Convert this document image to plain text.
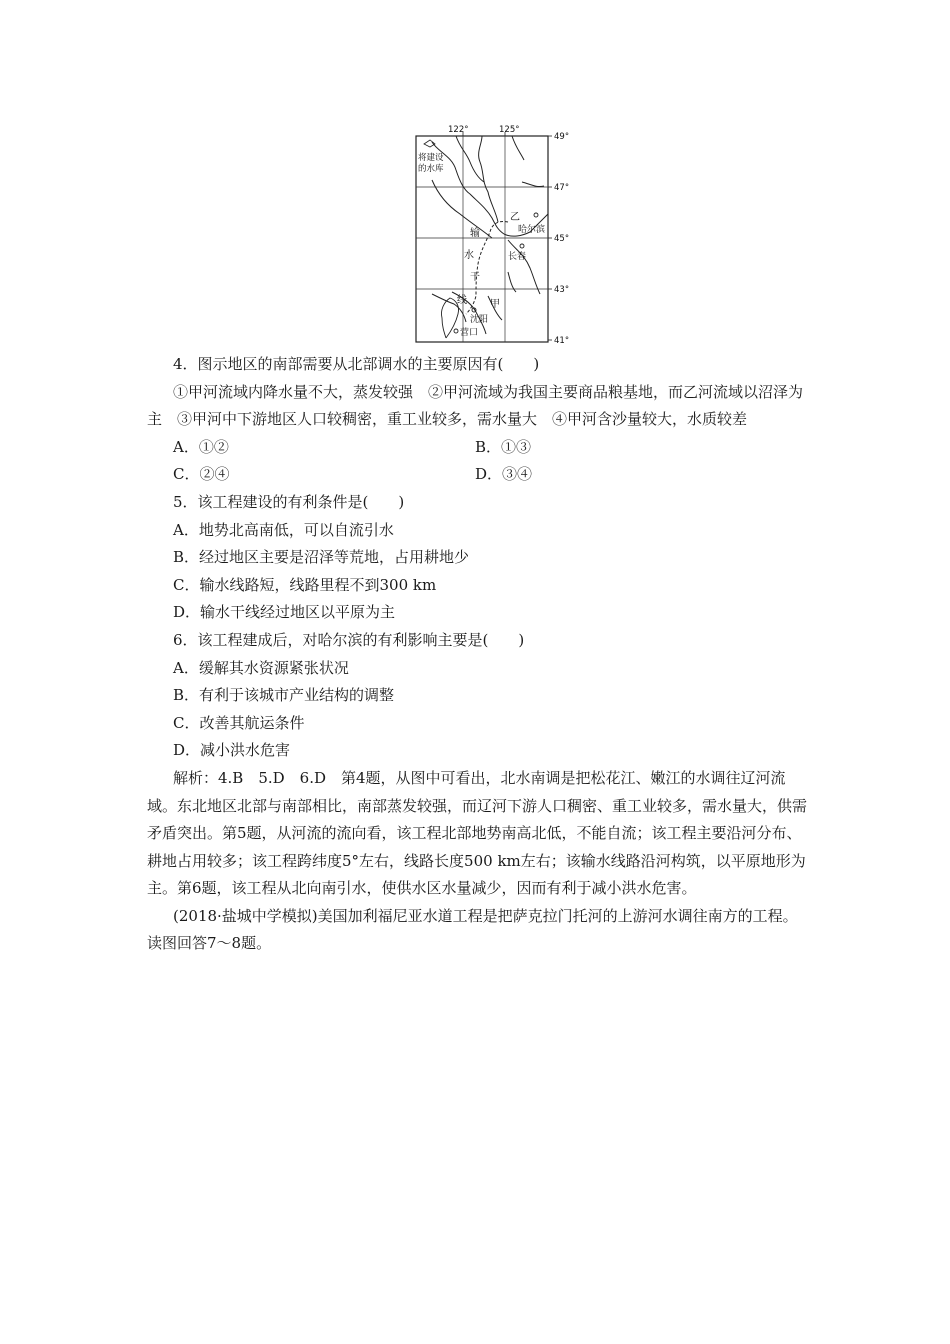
122°	125°
49°
47°
45°
43°
41°
将建设
的水库
输
水
干
线
乙
甲
哈尔滨
长春
沈阳
营口

4．图示地区的南部需要从北部调水的主要原因有(　　)

①甲河流域内降水量不大，蒸发较强　②甲河流域为我国主要商品粮基地，而乙河流域以沼泽为主　③甲河中下游地区人口较稠密，重工业较多，需水量大　④甲河含沙量较大，水质较差

A．①②	B．①③
C．②④	D．③④

5．该工程建设的有利条件是(　　)

A．地势北高南低，可以自流引水

B．经过地区主要是沼泽等荒地，占用耕地少

C．输水线路短，线路里程不到300 km

D．输水干线经过地区以平原为主

6．该工程建成后，对哈尔滨的有利影响主要是(　　)

A．缓解其水资源紧张状况

B．有利于该城市产业结构的调整

C．改善其航运条件

D．减小洪水危害

解析：4.B　5.D　6.D　第4题，从图中可看出，北水南调是把松花江、嫩江的水调往辽河流域。东北地区北部与南部相比，南部蒸发较强，而辽河下游人口稠密、重工业较多，需水量大，供需矛盾突出。第5题，从河流的流向看，该工程北部地势南高北低，不能自流；该工程主要沿河分布、耕地占用较多；该工程跨纬度5°左右，线路长度500 km左右；该输水线路沿河构筑，以平原地形为主。第6题，该工程从北向南引水，使供水区水量减少，因而有利于减小洪水危害。

(2018·盐城中学模拟)美国加利福尼亚水道工程是把萨克拉门托河的上游河水调往南方的工程。读图回答7～8题。
